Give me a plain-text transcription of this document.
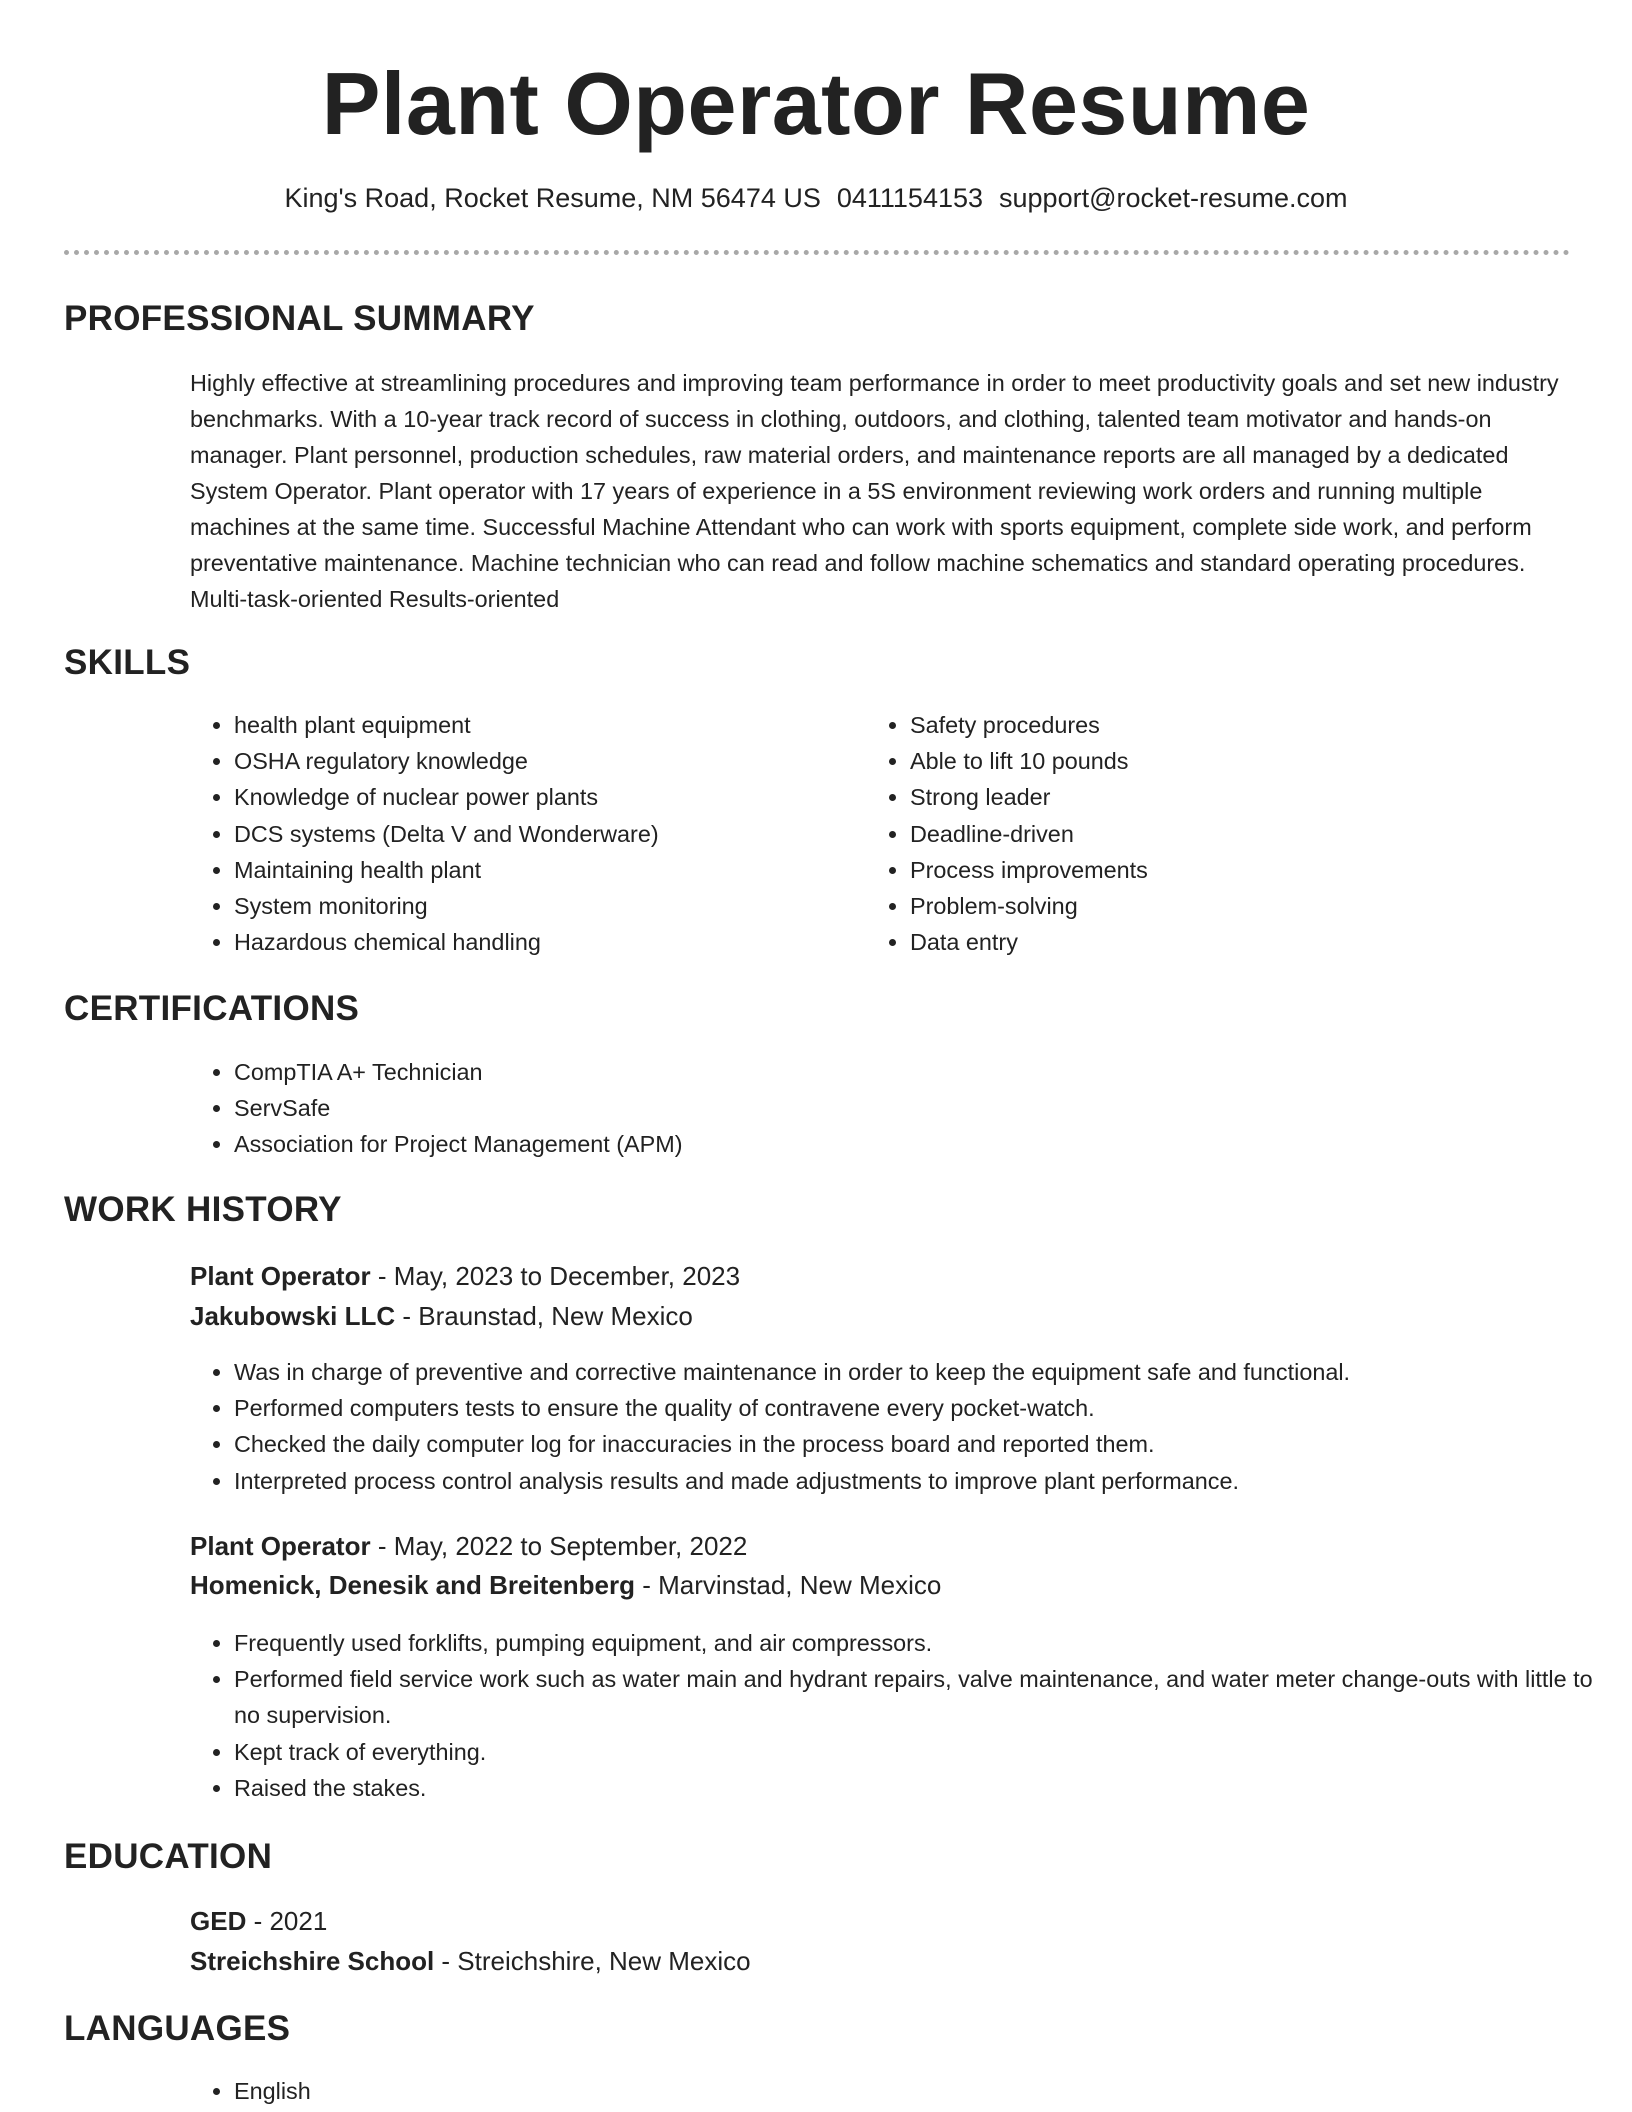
Plant Operator Resume
King's Road, Rocket Resume, NM 56474 US 0411154153 support@rocket-resume.com
PROFESSIONAL SUMMARY

Highly effective at streamlining procedures and improving team performance in order to meet productivity goals and set new industry benchmarks. With a 10-year track record of success in clothing, outdoors, and clothing, talented team motivator and hands-on manager. Plant personnel, production schedules, raw material orders, and maintenance reports are all managed by a dedicated System Operator. Plant operator with 17 years of experience in a 5S environment reviewing work orders and running multiple machines at the same time. Successful Machine Attendant who can work with sports equipment, complete side work, and perform preventative maintenance. Machine technician who can read and follow machine schematics and standard operating procedures. Multi-task-oriented Results-oriented

SKILLS
• health plant equipment
• OSHA regulatory knowledge
• Knowledge of nuclear power plants
• DCS systems (Delta V and Wonderware)
• Maintaining health plant
• System monitoring
• Hazardous chemical handling
• Safety procedures
• Able to lift 10 pounds
• Strong leader
• Deadline-driven
• Process improvements
• Problem-solving
• Data entry
CERTIFICATIONS
• CompTIA A+ Technician
• ServSafe
• Association for Project Management (APM)
WORK HISTORY
Plant Operator - May, 2023 to December, 2023
Jakubowski LLC - Braunstad, New Mexico
• Was in charge of preventive and corrective maintenance in order to keep the equipment safe and functional.
• Performed computers tests to ensure the quality of contravene every pocket-watch.
• Checked the daily computer log for inaccuracies in the process board and reported them.
• Interpreted process control analysis results and made adjustments to improve plant performance.
Plant Operator - May, 2022 to September, 2022
Homenick, Denesik and Breitenberg - Marvinstad, New Mexico
• Frequently used forklifts, pumping equipment, and air compressors.
• Performed field service work such as water main and hydrant repairs, valve maintenance, and water meter change-outs with little to no supervision.
• Kept track of everything.
• Raised the stakes.
EDUCATION
GED - 2021
Streichshire School - Streichshire, New Mexico
LANGUAGES
• English
